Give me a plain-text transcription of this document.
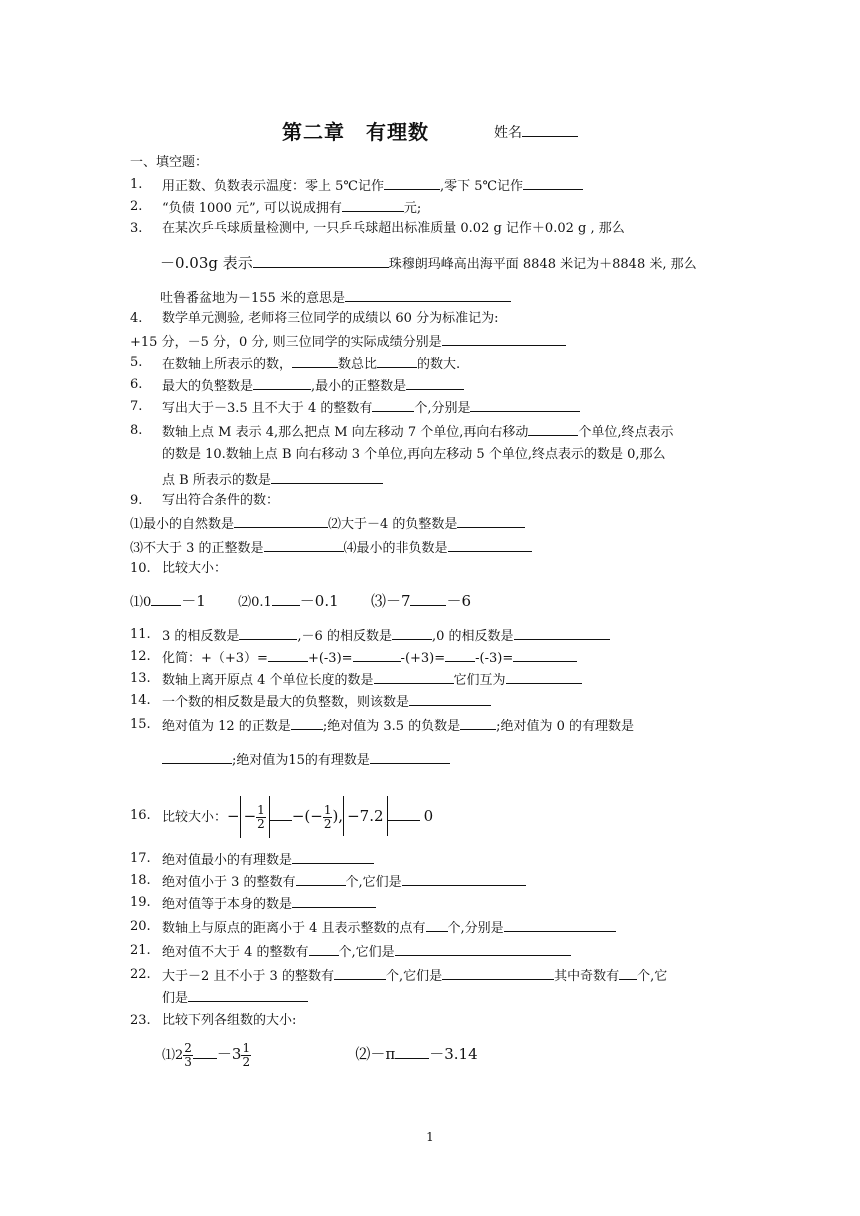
第二章　有理数	姓名
一、填空题：
1.	用正数、负数表示温度：零上 5℃记作	,零下 5℃记作
2.	“负债 1000 元”, 可以说成拥有	元;
3.	在某次乒乓球质量检测中, 一只乒乓球超出标准质量 0.02 g 记作＋0.02 g , 那么
－0.03g 表示	珠穆朗玛峰高出海平面 8848 米记为＋8848 米, 那么
吐鲁番盆地为－155 米的意思是
4.	数学单元测验, 老师将三位同学的成绩以 60 分为标准记为:
+15 分，－5 分，0 分, 则三位同学的实际成绩分别是
5.	在数轴上所表示的数，	数总比	的数大.
6.	最大的负整数是	,最小的正整数是
7.	写出大于－3.5 且不大于 4 的整数有	个,分别是
8.	数轴上点 M 表示 4,那么把点 M 向左移动 7 个单位,再向右移动	个单位,终点表示
的数是 10.数轴上点 B 向右移动 3 个单位,再向左移动 5 个单位,终点表示的数是 0,那么
点 B 所表示的数是
9.	写出符合条件的数：
⑴最小的自然数是	⑵大于－4 的负整数是
⑶不大于 3 的正整数是	⑷最小的非负数是
10. 比较大小：
⑴0 －1 ⑵0.1 －0.1 ⑶－7 －6
11. 3 的相反数是	,－6 的相反数是	,0 的相反数是
12. 化简：+（+3）=	+(-3)=	-(+3)= -(-3)=
13. 数轴上离开原点 4 个单位长度的数是	它们互为
14. 一个数的相反数是最大的负整数，则该数是
15. 绝对值为 12 的正数是 ;绝对值为 3.5 的负数是	;绝对值为 0 的有理数是
;绝对值为15的有理数是
16. 比较大小：− − $\frac{1}{2}$ −(− $\frac{1}{2}$ ), −7.2	0
17. 绝对值最小的有理数是
18. 绝对值小于 3 的整数有	个,它们是
19. 绝对值等于本身的数是
20. 数轴上与原点的距离小于 4 且表示整数的点有 个,分别是
21. 绝对值不大于 4 的整数有 个,它们是
22. 大于－2 且不小于 3 的整数有	个,它们是	其中奇数有 个,它
们是
23. 比较下列各组数的大小:
⑴2 $\frac{2}{3} -3 \frac{1}{2}$	⑵－π －3.14
1
